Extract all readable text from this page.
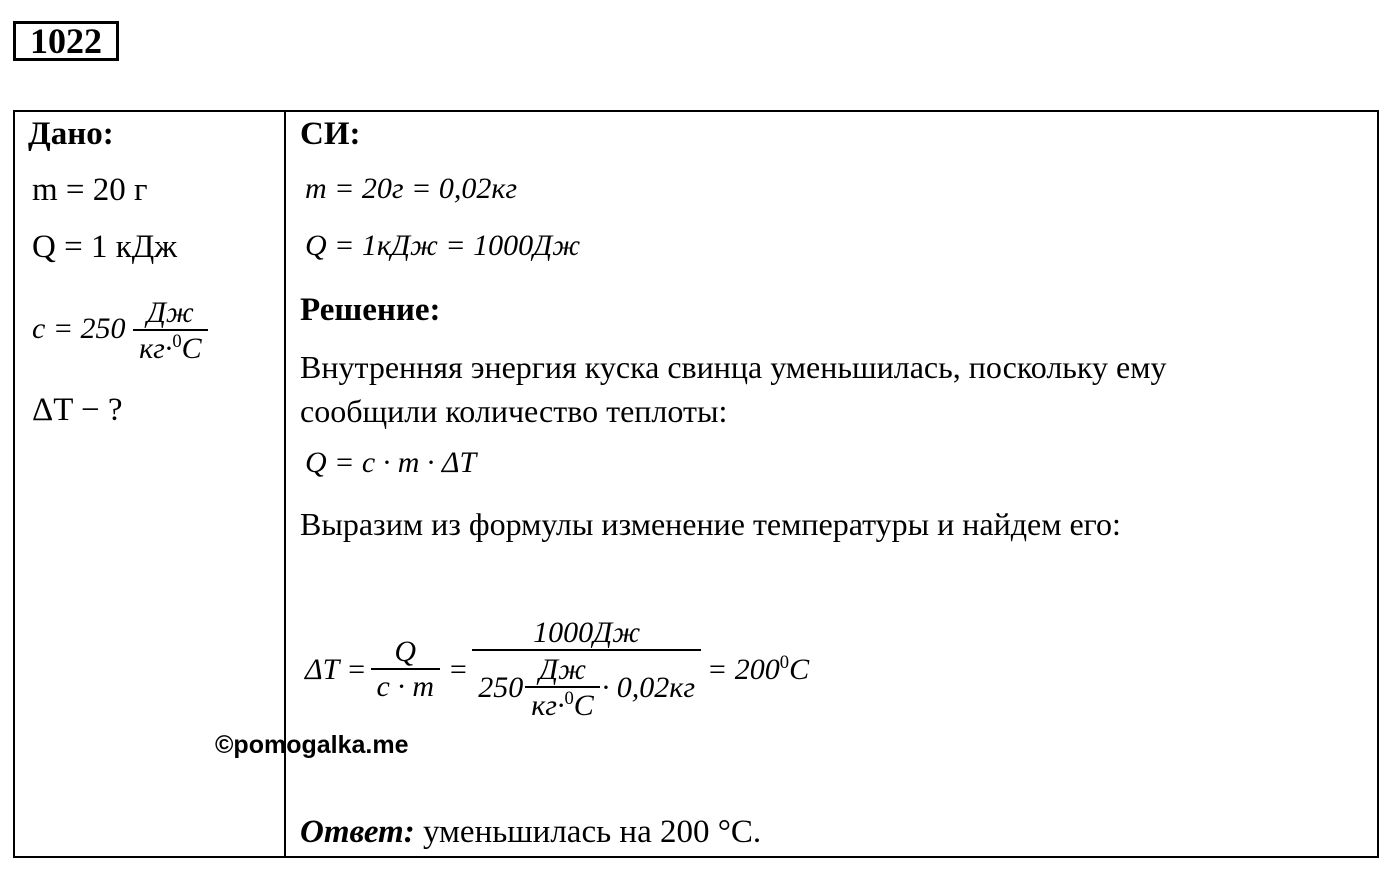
1022
Дано:
m = 20 г
Q = 1 кДж
$c = 250 \frac{Дж}{кг\cdot^0C}$
ΔT − ?
СИ:
m = 20г = 0,02кг
Q = 1кДж = 1000Дж
Решение:
Внутренняя энергия куска свинца уменьшилась, поскольку ему
сообщили количество теплоты:
Q = c · m · ΔT
Выразим из формулы изменение температуры и найдем его:
$\Delta T = \frac{Q}{c \cdot m} = \frac{1000Дж}{250 \frac{Дж}{кг\cdot^0C} \cdot 0,02кг} = 200^0C$
©pomogalka.me
Ответ: уменьшилась на 200 °С.
